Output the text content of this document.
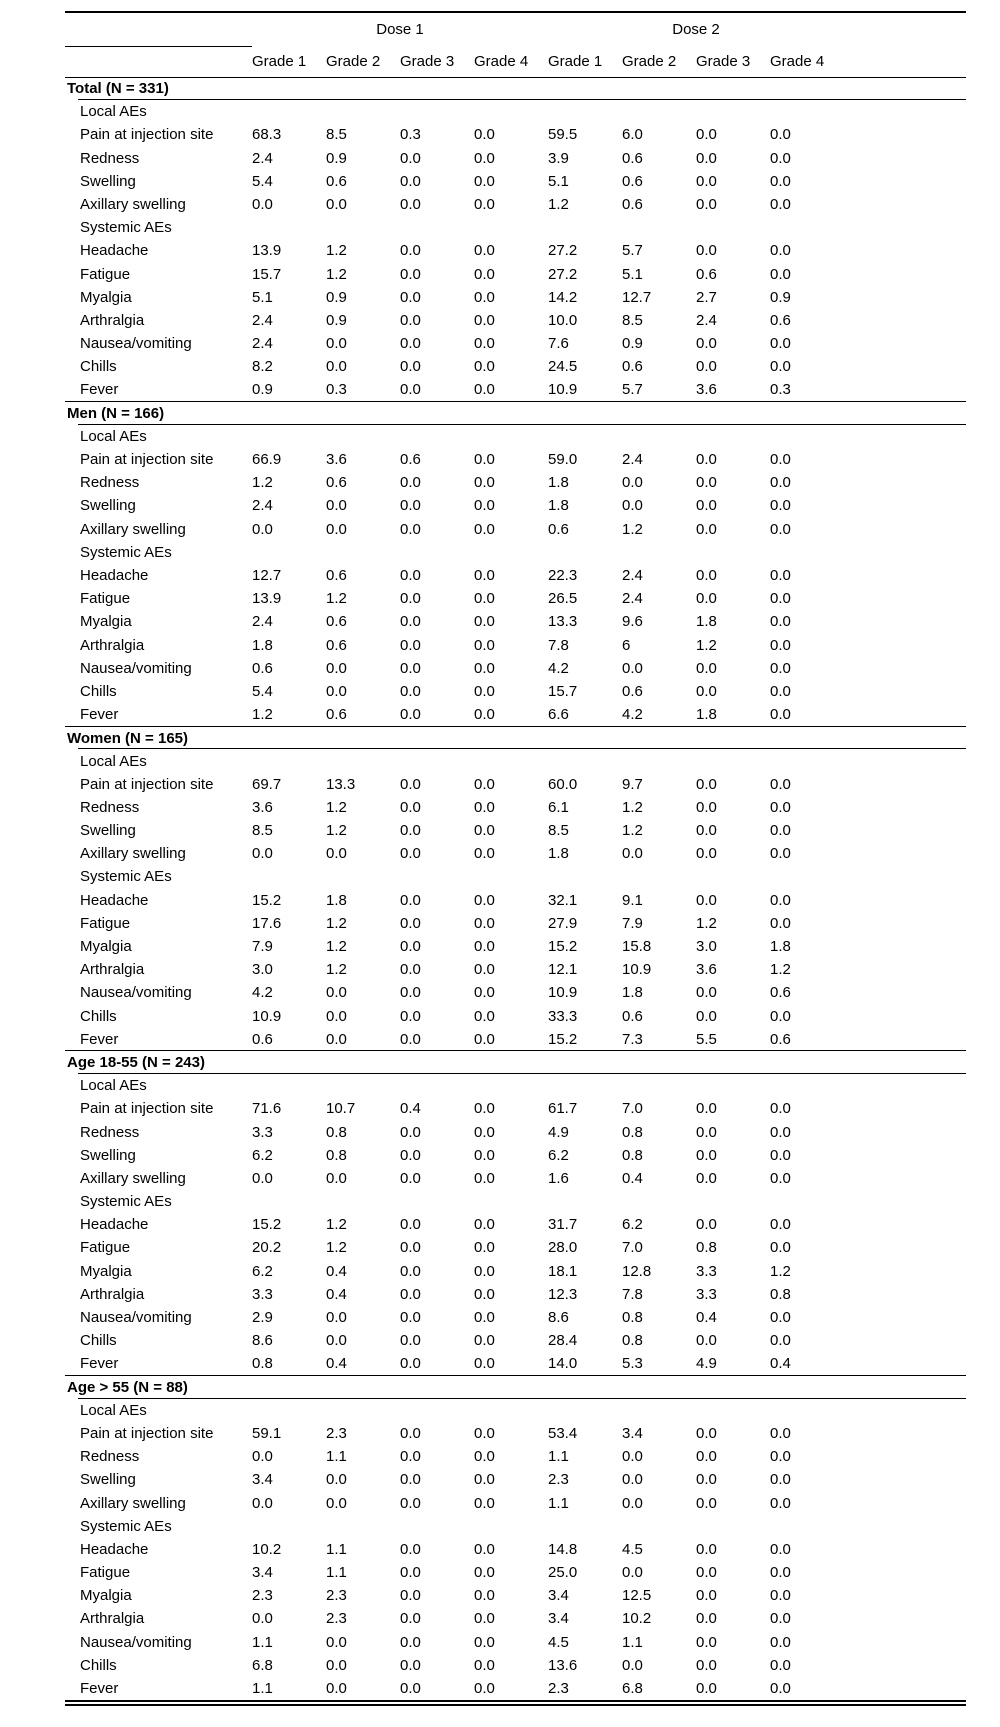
	Dose 1				Dose 2				
	Grade 1	Grade 2	Grade 3	Grade 4	Grade 1	Grade 2	Grade 3	Grade 4	
Total (N = 331)									
Local AEs									
Pain at injection site	68.3	8.5	0.3	0.0	59.5	6.0	0.0	0.0	
Redness	2.4	0.9	0.0	0.0	3.9	0.6	0.0	0.0	
Swelling	5.4	0.6	0.0	0.0	5.1	0.6	0.0	0.0	
Axillary swelling	0.0	0.0	0.0	0.0	1.2	0.6	0.0	0.0	
Systemic AEs									
Headache	13.9	1.2	0.0	0.0	27.2	5.7	0.0	0.0	
Fatigue	15.7	1.2	0.0	0.0	27.2	5.1	0.6	0.0	
Myalgia	5.1	0.9	0.0	0.0	14.2	12.7	2.7	0.9	
Arthralgia	2.4	0.9	0.0	0.0	10.0	8.5	2.4	0.6	
Nausea/vomiting	2.4	0.0	0.0	0.0	7.6	0.9	0.0	0.0	
Chills	8.2	0.0	0.0	0.0	24.5	0.6	0.0	0.0	
Fever	0.9	0.3	0.0	0.0	10.9	5.7	3.6	0.3	
Men (N = 166)									
Local AEs									
Pain at injection site	66.9	3.6	0.6	0.0	59.0	2.4	0.0	0.0	
Redness	1.2	0.6	0.0	0.0	1.8	0.0	0.0	0.0	
Swelling	2.4	0.0	0.0	0.0	1.8	0.0	0.0	0.0	
Axillary swelling	0.0	0.0	0.0	0.0	0.6	1.2	0.0	0.0	
Systemic AEs									
Headache	12.7	0.6	0.0	0.0	22.3	2.4	0.0	0.0	
Fatigue	13.9	1.2	0.0	0.0	26.5	2.4	0.0	0.0	
Myalgia	2.4	0.6	0.0	0.0	13.3	9.6	1.8	0.0	
Arthralgia	1.8	0.6	0.0	0.0	7.8	6	1.2	0.0	
Nausea/vomiting	0.6	0.0	0.0	0.0	4.2	0.0	0.0	0.0	
Chills	5.4	0.0	0.0	0.0	15.7	0.6	0.0	0.0	
Fever	1.2	0.6	0.0	0.0	6.6	4.2	1.8	0.0	
Women (N = 165)									
Local AEs									
Pain at injection site	69.7	13.3	0.0	0.0	60.0	9.7	0.0	0.0	
Redness	3.6	1.2	0.0	0.0	6.1	1.2	0.0	0.0	
Swelling	8.5	1.2	0.0	0.0	8.5	1.2	0.0	0.0	
Axillary swelling	0.0	0.0	0.0	0.0	1.8	0.0	0.0	0.0	
Systemic AEs									
Headache	15.2	1.8	0.0	0.0	32.1	9.1	0.0	0.0	
Fatigue	17.6	1.2	0.0	0.0	27.9	7.9	1.2	0.0	
Myalgia	7.9	1.2	0.0	0.0	15.2	15.8	3.0	1.8	
Arthralgia	3.0	1.2	0.0	0.0	12.1	10.9	3.6	1.2	
Nausea/vomiting	4.2	0.0	0.0	0.0	10.9	1.8	0.0	0.6	
Chills	10.9	0.0	0.0	0.0	33.3	0.6	0.0	0.0	
Fever	0.6	0.0	0.0	0.0	15.2	7.3	5.5	0.6	
Age 18-55 (N = 243)									
Local AEs									
Pain at injection site	71.6	10.7	0.4	0.0	61.7	7.0	0.0	0.0	
Redness	3.3	0.8	0.0	0.0	4.9	0.8	0.0	0.0	
Swelling	6.2	0.8	0.0	0.0	6.2	0.8	0.0	0.0	
Axillary swelling	0.0	0.0	0.0	0.0	1.6	0.4	0.0	0.0	
Systemic AEs									
Headache	15.2	1.2	0.0	0.0	31.7	6.2	0.0	0.0	
Fatigue	20.2	1.2	0.0	0.0	28.0	7.0	0.8	0.0	
Myalgia	6.2	0.4	0.0	0.0	18.1	12.8	3.3	1.2	
Arthralgia	3.3	0.4	0.0	0.0	12.3	7.8	3.3	0.8	
Nausea/vomiting	2.9	0.0	0.0	0.0	8.6	0.8	0.4	0.0	
Chills	8.6	0.0	0.0	0.0	28.4	0.8	0.0	0.0	
Fever	0.8	0.4	0.0	0.0	14.0	5.3	4.9	0.4	
Age > 55 (N = 88)									
Local AEs									
Pain at injection site	59.1	2.3	0.0	0.0	53.4	3.4	0.0	0.0	
Redness	0.0	1.1	0.0	0.0	1.1	0.0	0.0	0.0	
Swelling	3.4	0.0	0.0	0.0	2.3	0.0	0.0	0.0	
Axillary swelling	0.0	0.0	0.0	0.0	1.1	0.0	0.0	0.0	
Systemic AEs									
Headache	10.2	1.1	0.0	0.0	14.8	4.5	0.0	0.0	
Fatigue	3.4	1.1	0.0	0.0	25.0	0.0	0.0	0.0	
Myalgia	2.3	2.3	0.0	0.0	3.4	12.5	0.0	0.0	
Arthralgia	0.0	2.3	0.0	0.0	3.4	10.2	0.0	0.0	
Nausea/vomiting	1.1	0.0	0.0	0.0	4.5	1.1	0.0	0.0	
Chills	6.8	0.0	0.0	0.0	13.6	0.0	0.0	0.0	
Fever	1.1	0.0	0.0	0.0	2.3	6.8	0.0	0.0	
